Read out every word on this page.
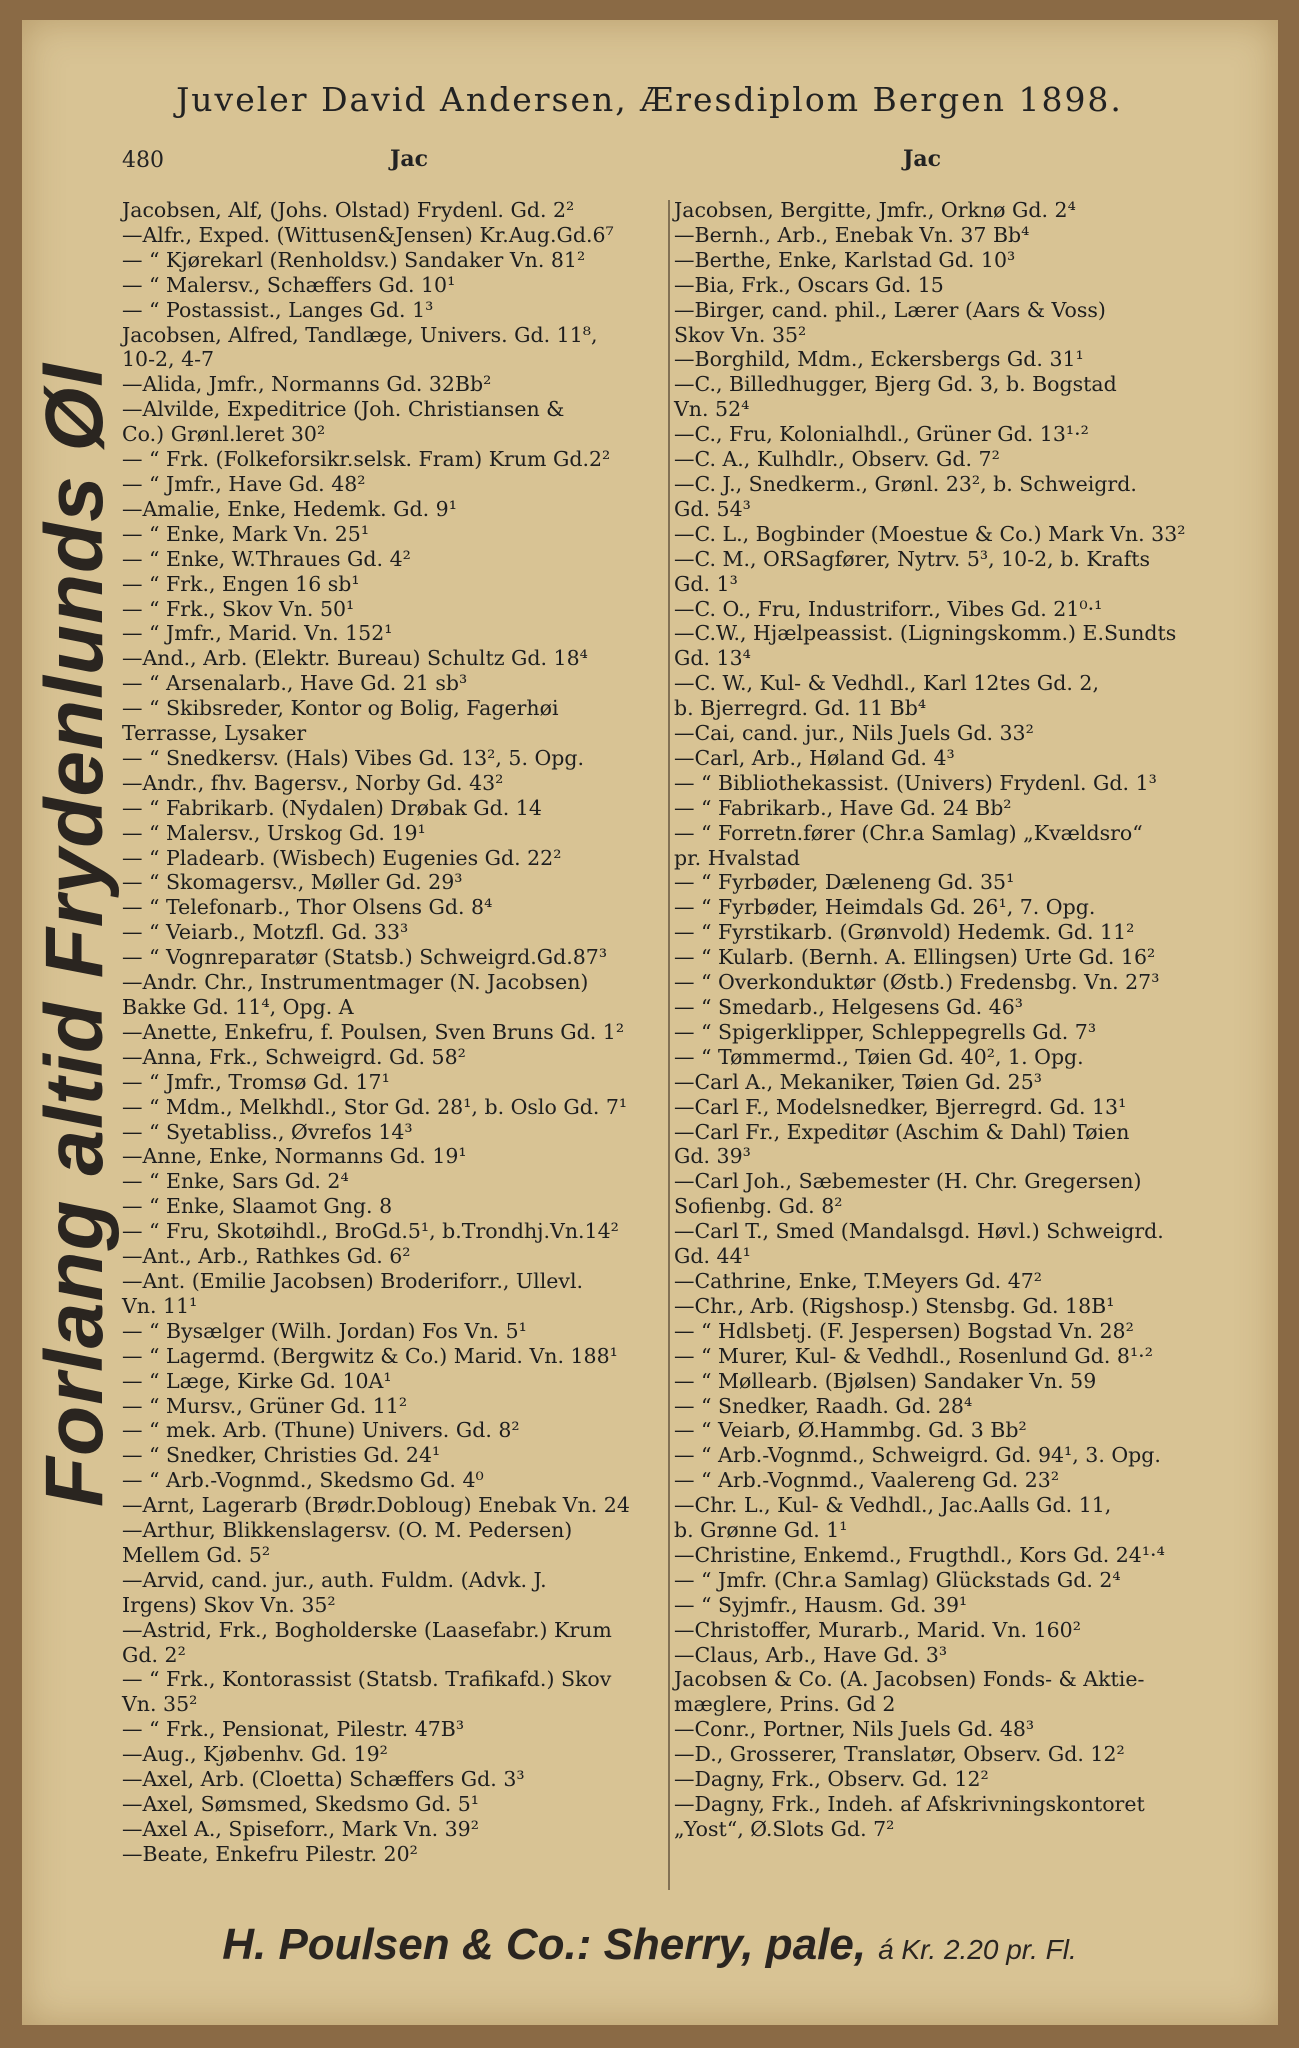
Juveler David Andersen, Æresdiplom Bergen 1898.
480	Jac	Jac
Forlang altid Frydenlunds Øl
Jacobsen, Alf, (Johs. Olstad) Frydenl. Gd. 2²
—Alfr., Exped. (Wittusen&Jensen) Kr.Aug.Gd.6⁷
— “ Kjørekarl (Renholdsv.) Sandaker Vn. 81²
— “ Malersv., Schæffers Gd. 10¹
— “ Postassist., Langes Gd. 1³
Jacobsen, Alfred, Tandlæge, Univers. Gd. 11⁸,
10-2, 4-7
—Alida, Jmfr., Normanns Gd. 32Bb²
—Alvilde, Expeditrice (Joh. Christiansen &
Co.) Grønl.leret 30²
— “ Frk. (Folkeforsikr.selsk. Fram) Krum Gd.2²
— “ Jmfr., Have Gd. 48²
—Amalie, Enke, Hedemk. Gd. 9¹
— “ Enke, Mark Vn. 25¹
— “ Enke, W.Thraues Gd. 4²
— “ Frk., Engen 16 sb¹
— “ Frk., Skov Vn. 50¹
— “ Jmfr., Marid. Vn. 152¹
—And., Arb. (Elektr. Bureau) Schultz Gd. 18⁴
— “ Arsenalarb., Have Gd. 21 sb³
— “ Skibsreder, Kontor og Bolig, Fagerhøi
Terrasse, Lysaker
— “ Snedkersv. (Hals) Vibes Gd. 13², 5. Opg.
—Andr., fhv. Bagersv., Norby Gd. 43²
— “ Fabrikarb. (Nydalen) Drøbak Gd. 14
— “ Malersv., Urskog Gd. 19¹
— “ Pladearb. (Wisbech) Eugenies Gd. 22²
— “ Skomagersv., Møller Gd. 29³
— “ Telefonarb., Thor Olsens Gd. 8⁴
— “ Veiarb., Motzfl. Gd. 33³
— “ Vognreparatør (Statsb.) Schweigrd.Gd.87³
—Andr. Chr., Instrumentmager (N. Jacobsen)
Bakke Gd. 11⁴, Opg. A
—Anette, Enkefru, f. Poulsen, Sven Bruns Gd. 1²
—Anna, Frk., Schweigrd. Gd. 58²
— “ Jmfr., Tromsø Gd. 17¹
— “ Mdm., Melkhdl., Stor Gd. 28¹, b. Oslo Gd. 7¹
— “ Syetabliss., Øvrefos 14³
—Anne, Enke, Normanns Gd. 19¹
— “ Enke, Sars Gd. 2⁴
— “ Enke, Slaamot Gng. 8
— “ Fru, Skotøihdl., BroGd.5¹, b.Trondhj.Vn.14²
—Ant., Arb., Rathkes Gd. 6²
—Ant. (Emilie Jacobsen) Broderiforr., Ullevl.
Vn. 11¹
— “ Bysælger (Wilh. Jordan) Fos Vn. 5¹
— “ Lagermd. (Bergwitz & Co.) Marid. Vn. 188¹
— “ Læge, Kirke Gd. 10A¹
— “ Mursv., Grüner Gd. 11²
— “ mek. Arb. (Thune) Univers. Gd. 8²
— “ Snedker, Christies Gd. 24¹
— “ Arb.-Vognmd., Skedsmo Gd. 4⁰
—Arnt, Lagerarb (Brødr.Dobloug) Enebak Vn. 24
—Arthur, Blikkenslagersv. (O. M. Pedersen)
Mellem Gd. 5²
—Arvid, cand. jur., auth. Fuldm. (Advk. J.
Irgens) Skov Vn. 35²
—Astrid, Frk., Bogholderske (Laasefabr.) Krum
Gd. 2²
— “ Frk., Kontorassist (Statsb. Trafikafd.) Skov
Vn. 35²
— “ Frk., Pensionat, Pilestr. 47B³
—Aug., Kjøbenhv. Gd. 19²
—Axel, Arb. (Cloetta) Schæffers Gd. 3³
—Axel, Sømsmed, Skedsmo Gd. 5¹
—Axel A., Spiseforr., Mark Vn. 39²
—Beate, Enkefru Pilestr. 20²
Jacobsen, Bergitte, Jmfr., Orknø Gd. 2⁴
—Bernh., Arb., Enebak Vn. 37 Bb⁴
—Berthe, Enke, Karlstad Gd. 10³
—Bia, Frk., Oscars Gd. 15
—Birger, cand. phil., Lærer (Aars & Voss)
Skov Vn. 35²
—Borghild, Mdm., Eckersbergs Gd. 31¹
—C., Billedhugger, Bjerg Gd. 3, b. Bogstad
Vn. 52⁴
—C., Fru, Kolonialhdl., Grüner Gd. 13¹·²
—C. A., Kulhdlr., Observ. Gd. 7²
—C. J., Snedkerm., Grønl. 23², b. Schweigrd.
Gd. 54³
—C. L., Bogbinder (Moestue & Co.) Mark Vn. 33²
—C. M., ORSagfører, Nytrv. 5³, 10-2, b. Krafts
Gd. 1³
—C. O., Fru, Industriforr., Vibes Gd. 21⁰·¹
—C.W., Hjælpeassist. (Ligningskomm.) E.Sundts
Gd. 13⁴
—C. W., Kul- & Vedhdl., Karl 12tes Gd. 2,
b. Bjerregrd. Gd. 11 Bb⁴
—Cai, cand. jur., Nils Juels Gd. 33²
—Carl, Arb., Høland Gd. 4³
— “ Bibliothekassist. (Univers) Frydenl. Gd. 1³
— “ Fabrikarb., Have Gd. 24 Bb²
— “ Forretn.fører (Chr.a Samlag) „Kvældsro“
pr. Hvalstad
— “ Fyrbøder, Dæleneng Gd. 35¹
— “ Fyrbøder, Heimdals Gd. 26¹, 7. Opg.
— “ Fyrstikarb. (Grønvold) Hedemk. Gd. 11²
— “ Kularb. (Bernh. A. Ellingsen) Urte Gd. 16²
— “ Overkonduktør (Østb.) Fredensbg. Vn. 27³
— “ Smedarb., Helgesens Gd. 46³
— “ Spigerklipper, Schleppegrells Gd. 7³
— “ Tømmermd., Tøien Gd. 40², 1. Opg.
—Carl A., Mekaniker, Tøien Gd. 25³
—Carl F., Modelsnedker, Bjerregrd. Gd. 13¹
—Carl Fr., Expeditør (Aschim & Dahl) Tøien
Gd. 39³
—Carl Joh., Sæbemester (H. Chr. Gregersen)
Sofienbg. Gd. 8²
—Carl T., Smed (Mandalsgd. Høvl.) Schweigrd.
Gd. 44¹
—Cathrine, Enke, T.Meyers Gd. 47²
—Chr., Arb. (Rigshosp.) Stensbg. Gd. 18B¹
— “ Hdlsbetj. (F. Jespersen) Bogstad Vn. 28²
— “ Murer, Kul- & Vedhdl., Rosenlund Gd. 8¹·²
— “ Møllearb. (Bjølsen) Sandaker Vn. 59
— “ Snedker, Raadh. Gd. 28⁴
— “ Veiarb, Ø.Hammbg. Gd. 3 Bb²
— “ Arb.-Vognmd., Schweigrd. Gd. 94¹, 3. Opg.
— “ Arb.-Vognmd., Vaalereng Gd. 23²
—Chr. L., Kul- & Vedhdl., Jac.Aalls Gd. 11,
b. Grønne Gd. 1¹
—Christine, Enkemd., Frugthdl., Kors Gd. 24¹·⁴
— “ Jmfr. (Chr.a Samlag) Glückstads Gd. 2⁴
— “ Syjmfr., Hausm. Gd. 39¹
—Christoffer, Murarb., Marid. Vn. 160²
—Claus, Arb., Have Gd. 3³
Jacobsen & Co. (A. Jacobsen) Fonds- & Aktie-
mæglere, Prins. Gd 2
—Conr., Portner, Nils Juels Gd. 48³
—D., Grosserer, Translatør, Observ. Gd. 12²
—Dagny, Frk., Observ. Gd. 12²
—Dagny, Frk., Indeh. af Afskrivningskontoret
„Yost“, Ø.Slots Gd. 7²
H. Poulsen & Co.: Sherry, pale, á Kr. 2.20 pr. Fl.
